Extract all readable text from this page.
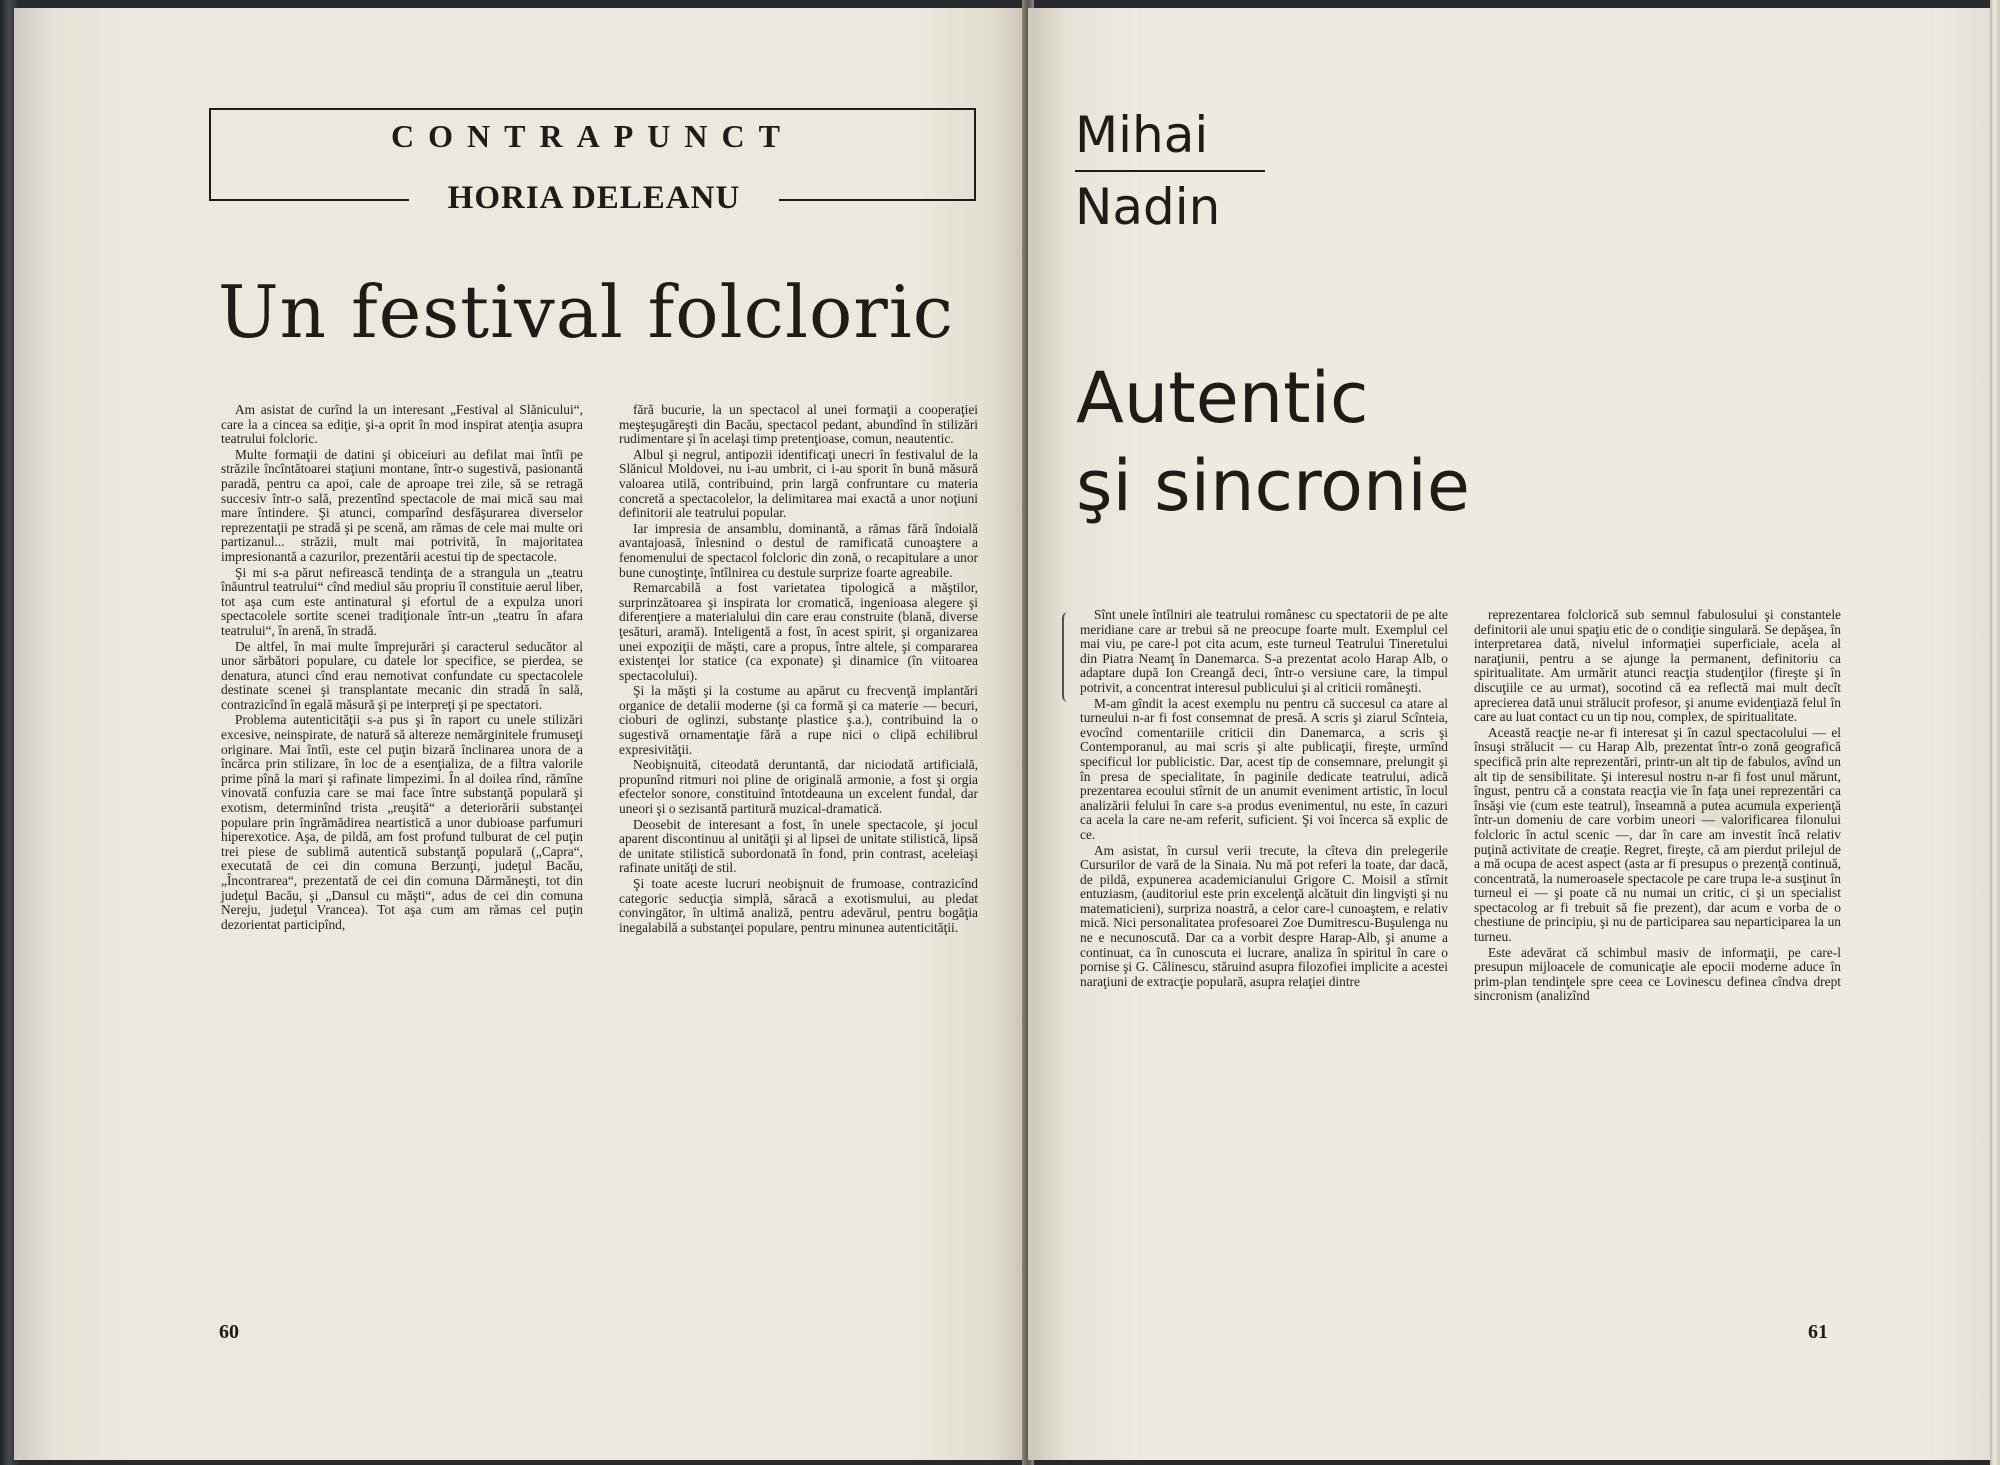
CONTRAPUNCT
HORIA DELEANU
Un festival folcloric

Am asistat de curînd la un interesant „Festival al Slănicului“, care la a cincea sa ediţie, şi-a oprit în mod inspirat atenţia asupra teatrului folcloric.

Multe formaţii de datini şi obiceiuri au defilat mai întîi pe străzile încîntătoarei staţiuni montane, într-o sugestivă, pasionantă paradă, pentru ca apoi, cale de aproape trei zile, să se retragă succesiv într-o sală, prezentînd spectacole de mai mică sau mai mare întindere. Şi atunci, comparînd desfăşurarea diverselor reprezentaţii pe stradă şi pe scenă, am rămas de cele mai multe ori partizanul... străzii, mult mai potrivită, în majoritatea impresionantă a cazurilor, prezentării acestui tip de spectacole.

Şi mi s-a părut nefirească tendinţa de a strangula un „teatru înăuntrul teatrului“ cînd mediul său propriu îl constituie aerul liber, tot aşa cum este antinatural şi efortul de a expulza unori spectacolele sortite scenei tradiţionale într-un „teatru în afara teatrului“, în arenă, în stradă.

De altfel, în mai multe împrejurări şi caracterul seducător al unor sărbători populare, cu datele lor specifice, se pierdea, se denatura, atunci cînd erau nemotivat confundate cu spectacolele destinate scenei şi transplantate mecanic din stradă în sală, contrazicînd în egală măsură şi pe interpreţi şi pe spectatori.

Problema autenticităţii s-a pus şi în raport cu unele stilizări excesive, neinspirate, de natură să altereze nemărginitele frumuseţi originare. Mai întîi, este cel puţin bizară înclinarea unora de a încărca prin stilizare, în loc de a esenţializa, de a filtra valorile prime pînă la mari şi rafinate limpezimi. În al doilea rînd, rămîne vinovată confuzia care se mai face între substanţă populară şi exotism, determinînd trista „reuşită“ a deteriorării substanţei populare prin îngrămădirea neartistică a unor dubioase parfumuri hiperexotice. Aşa, de pildă, am fost profund tulburat de cel puţin trei piese de sublimă autentică substanţă populară („Capra“, executată de cei din comuna Berzunţi, judeţul Bacău, „Încontrarea“, prezentată de cei din comuna Dărmăneşti, tot din judeţul Bacău, şi „Dansul cu măşti“, adus de cei din comuna Nereju, judeţul Vrancea). Tot aşa cum am rămas cel puţin dezorientat participînd,

fără bucurie, la un spectacol al unei formaţii a cooperaţiei meşteşugăreşti din Bacău, spectacol pedant, abundînd în stilizări rudimentare şi în acelaşi timp pretenţioase, comun, neautentic.

Albul şi negrul, antipozii identificaţi unecri în festivalul de la Slănicul Moldovei, nu i-au umbrit, ci i-au sporit în bună măsură valoarea utilă, contribuind, prin largă confruntare cu materia concretă a spectacolelor, la delimitarea mai exactă a unor noţiuni definitorii ale teatrului popular.

Iar impresia de ansamblu, dominantă, a rămas fără îndoială avantajoasă, înlesnind o destul de ramificată cunoaştere a fenomenului de spectacol folcloric din zonă, o recapitulare a unor bune cunoştinţe, întîlnirea cu destule surprize foarte agreabile.

Remarcabilă a fost varietatea tipologică a măştilor, surprinzătoarea şi inspirata lor cromatică, ingenioasa alegere şi diferenţiere a materialului din care erau construite (blană, diverse ţesături, aramă). Inteligentă a fost, în acest spirit, şi organizarea unei expoziţii de măşti, care a propus, între altele, şi compararea existenţei lor statice (ca exponate) şi dinamice (în viitoarea spectacolului).

Şi la măşti şi la costume au apărut cu frecvenţă implantări organice de detalii moderne (şi ca formă şi ca materie — becuri, cioburi de oglinzi, substanţe plastice ş.a.), contribuind la o sugestivă ornamentaţie fără a rupe nici o clipă echilibrul expresivităţii.

Neobişnuită, citeodată deruntantă, dar niciodată artificială, propunînd ritmuri noi pline de originală armonie, a fost şi orgia efectelor sonore, constituind întotdeauna un excelent fundal, dar uneori şi o sezisantă partitură muzical-dramatică.

Deosebit de interesant a fost, în unele spectacole, şi jocul aparent discontinuu al unităţii şi al lipsei de unitate stilistică, lipsă de unitate stilistică subordonată în fond, prin contrast, aceleiaşi rafinate unităţi de stil.

Şi toate aceste lucruri neobişnuit de frumoase, contrazicînd categoric seducţia simplă, săracă a exotismului, au pledat convingător, în ultimă analiză, pentru adevărul, pentru bogăţia inegalabilă a substanţei populare, pentru minunea autenticităţii.

60
Mihai
Nadin
Autentic
şi sincronie

Sînt unele întîlniri ale teatrului românesc cu spectatorii de pe alte meridiane care ar trebui să ne preocupe foarte mult. Exemplul cel mai viu, pe care-l pot cita acum, este turneul Teatrului Tineretului din Piatra Neamţ în Danemarca. S-a prezentat acolo Harap Alb, o adaptare după Ion Creangă deci, într-o versiune care, la timpul potrivit, a concentrat interesul publicului şi al criticii româneşti.

M-am gîndit la acest exemplu nu pentru că succesul ca atare al turneului n-ar fi fost consemnat de presă. A scris şi ziarul Scînteia, evocînd comentariile criticii din Danemarca, a scris şi Contemporanul, au mai scris şi alte publicaţii, fireşte, urmînd specificul lor publicistic. Dar, acest tip de consemnare, prelungit şi în presa de specialitate, în paginile dedicate teatrului, adică prezentarea ecoului stîrnit de un anumit eveniment artistic, în locul analizării felului în care s-a produs evenimentul, nu este, în cazuri ca acela la care ne-am referit, suficient. Şi voi încerca să explic de ce.

Am asistat, în cursul verii trecute, la cîteva din prelegerile Cursurilor de vară de la Sinaia. Nu mă pot referi la toate, dar dacă, de pildă, expunerea academicianului Grigore C. Moisil a stîrnit entuziasm, (auditoriul este prin excelenţă alcătuit din lingvişti şi nu matematicieni), surpriza noastră, a celor care-l cunoaştem, e relativ mică. Nici personalitatea profesoarei Zoe Dumitrescu-Buşulenga nu ne e necunoscută. Dar ca a vorbit despre Harap-Alb, şi anume a continuat, ca în cunoscuta ei lucrare, analiza în spiritul în care o pornise şi G. Călinescu, stăruind asupra filozofiei implicite a acestei naraţiuni de extracţie populară, asupra relaţiei dintre

reprezentarea folclorică sub semnul fabulosului şi constantele definitorii ale unui spaţiu etic de o condiţie singulară. Se depăşea, în interpretarea dată, nivelul informaţiei superficiale, acela al naraţiunii, pentru a se ajunge la permanent, definitoriu ca spiritualitate. Am urmărit atunci reacţia studenţilor (fireşte şi în discuţiile ce au urmat), socotind că ea reflectă mai mult decît aprecierea dată unui strălucit profesor, şi anume evidenţiază felul în care au luat contact cu un tip nou, complex, de spiritualitate.

Această reacţie ne-ar fi interesat şi în cazul spectacolului — el însuşi strălucit — cu Harap Alb, prezentat într-o zonă geografică specifică prin alte reprezentări, printr-un alt tip de fabulos, avînd un alt tip de sensibilitate. Şi interesul nostru n-ar fi fost unul mărunt, îngust, pentru că a constata reacţia vie în faţa unei reprezentări ca însăşi vie (cum este teatrul), înseamnă a putea acumula experienţă într-un domeniu de care vorbim uneori — valorificarea filonului folcloric în actul scenic —, dar în care am investit încă relativ puţină activitate de creaţie. Regret, fireşte, că am pierdut prilejul de a mă ocupa de acest aspect (asta ar fi presupus o prezenţă continuă, concentrată, la numeroasele spectacole pe care trupa le-a susţinut în turneul ei — şi poate că nu numai un critic, ci şi un specialist spectacolog ar fi trebuit să fie prezent), dar acum e vorba de o chestiune de principiu, şi nu de participarea sau neparticiparea la un turneu.

Este adevărat că schimbul masiv de informaţii, pe care-l presupun mijloacele de comunicaţie ale epocii moderne aduce în prim-plan tendinţele spre ceea ce Lovinescu definea cîndva drept sincronism (analizînd

61
